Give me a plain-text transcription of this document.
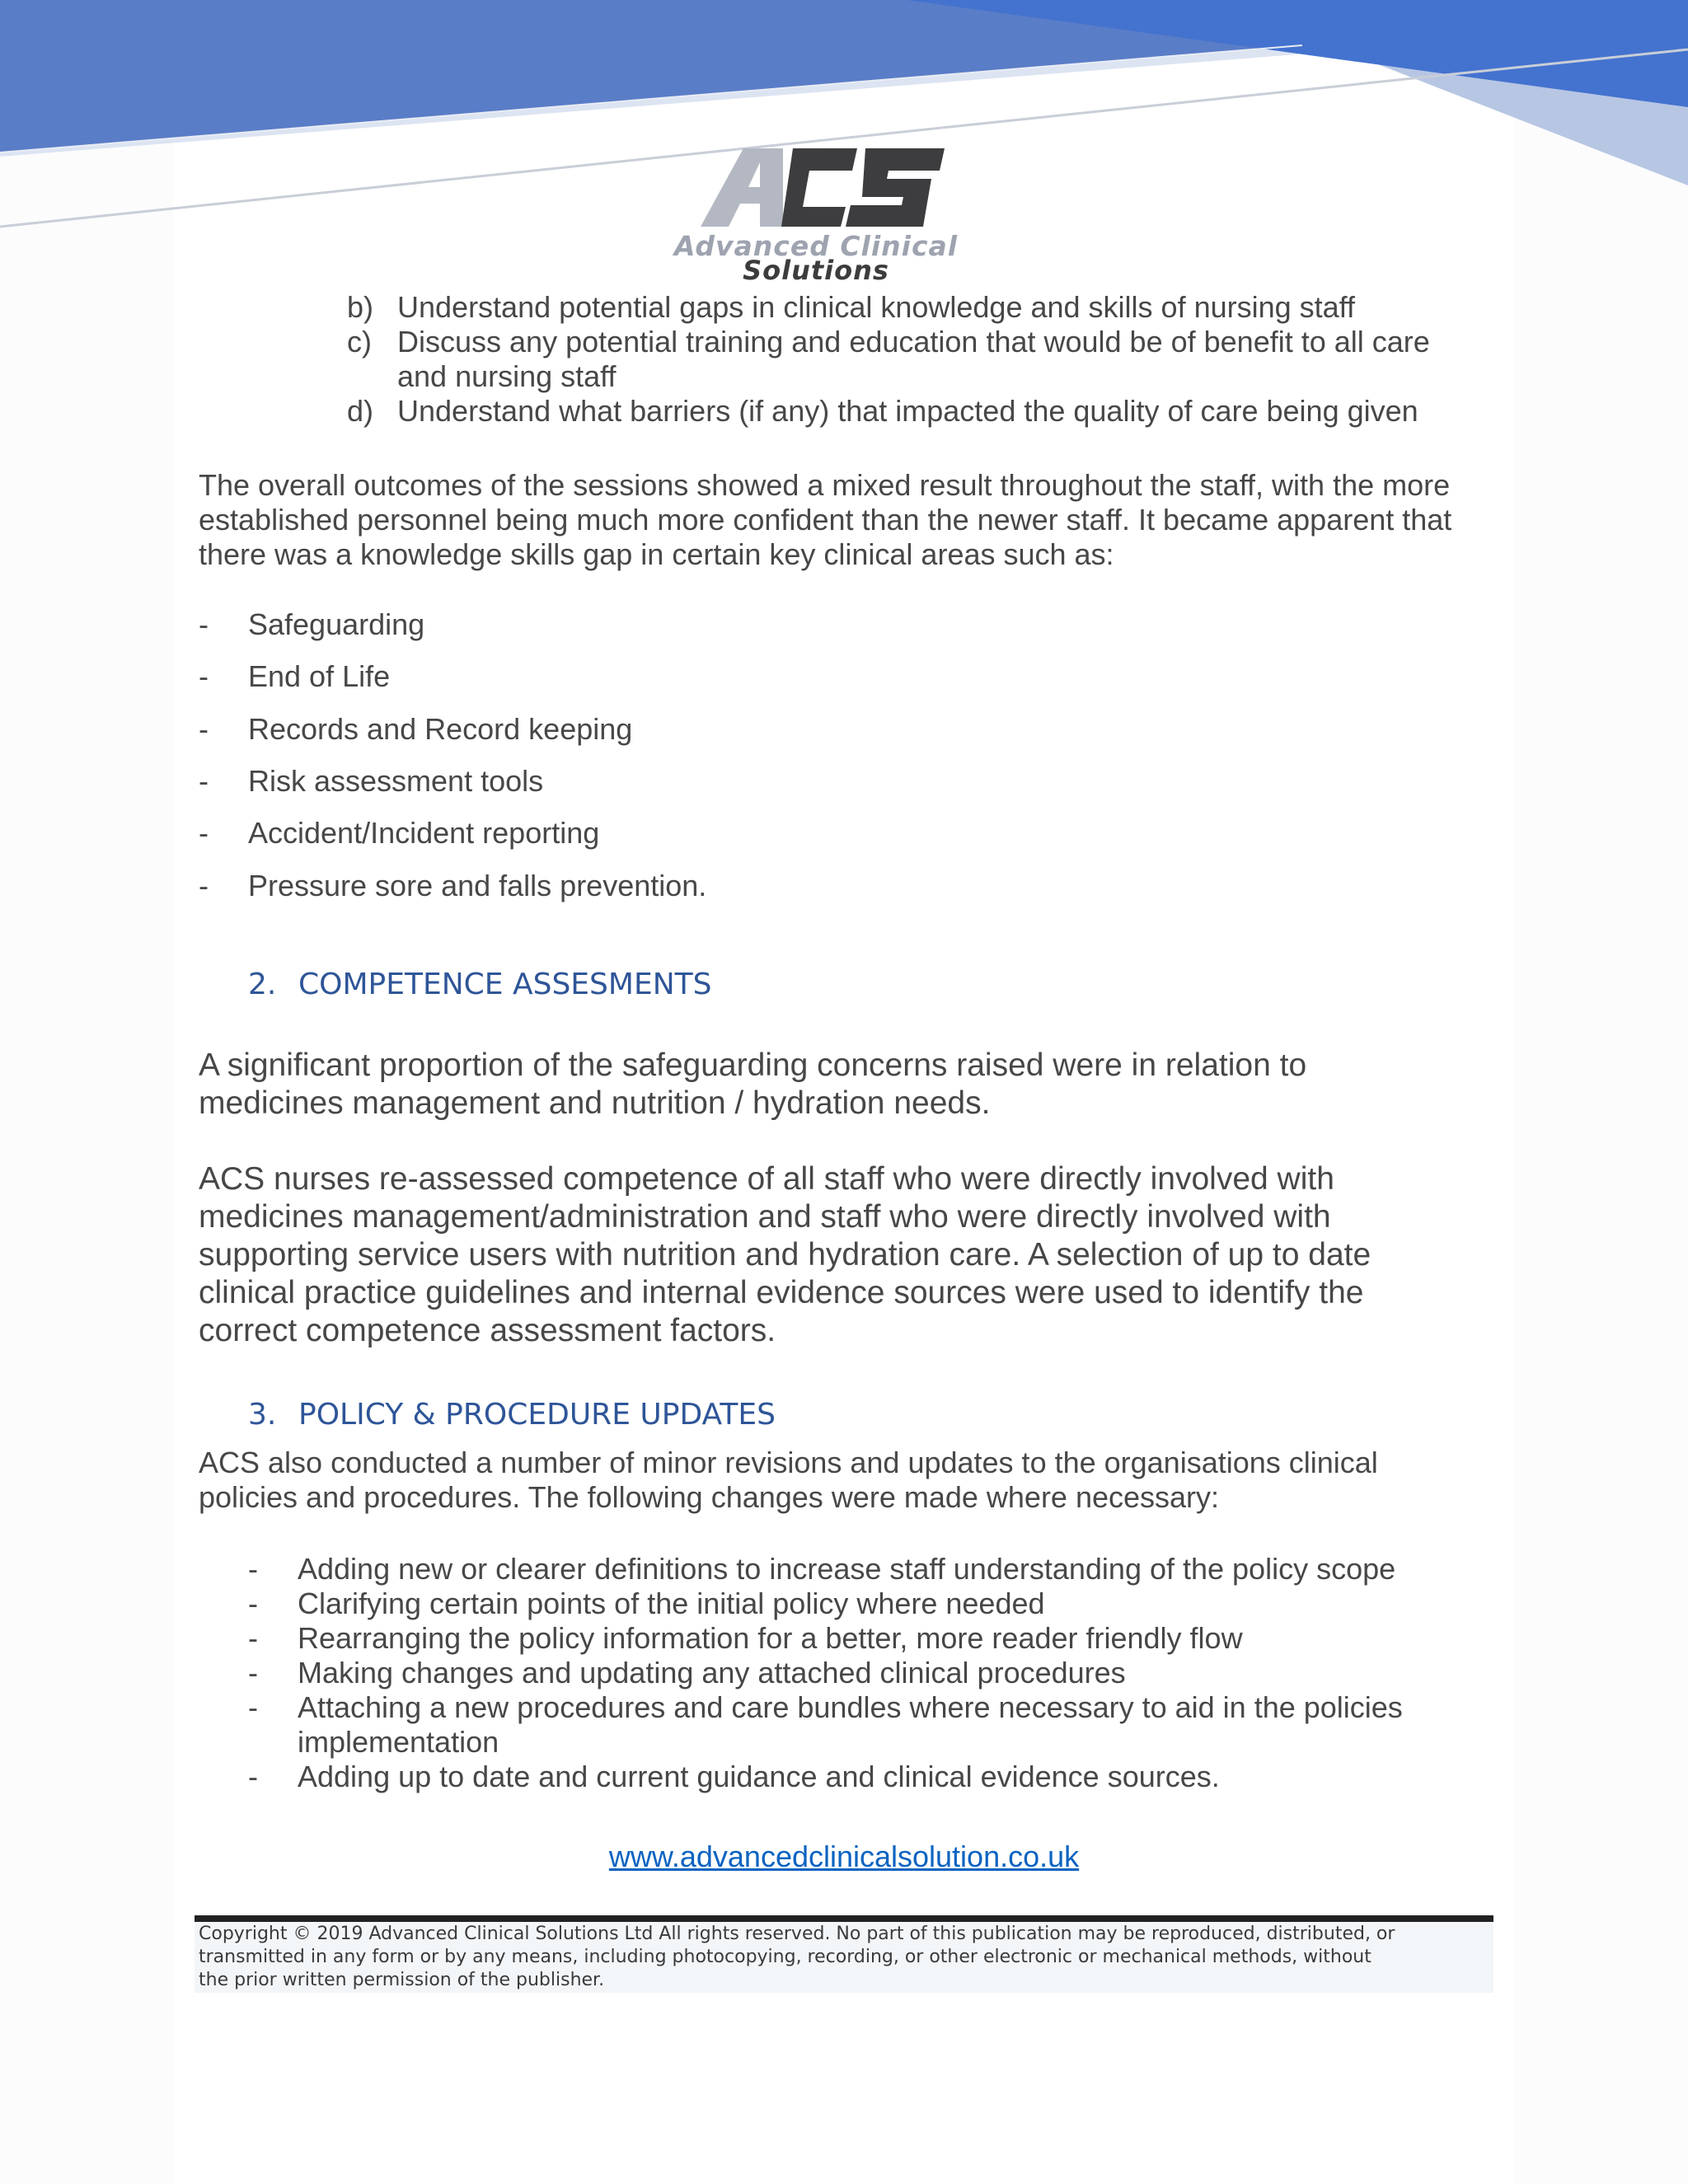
Advanced Clinical
Solutions
b) Understand potential gaps in clinical knowledge and skills of nursing staff
c) Discuss any potential training and education that would be of benefit to all care
and nursing staff
d) Understand what barriers (if any) that impacted the quality of care being given
The overall outcomes of the sessions showed a mixed result throughout the staff, with the more
established personnel being much more confident than the newer staff. It became apparent that
there was a knowledge skills gap in certain key clinical areas such as:
- Safeguarding
- End of Life
- Records and Record keeping
- Risk assessment tools
- Accident/Incident reporting
- Pressure sore and falls prevention.
2. COMPETENCE ASSESMENTS
A significant proportion of the safeguarding concerns raised were in relation to
medicines management and nutrition / hydration needs.
ACS nurses re-assessed competence of all staff who were directly involved with
medicines management/administration and staff who were directly involved with
supporting service users with nutrition and hydration care. A selection of up to date
clinical practice guidelines and internal evidence sources were used to identify the
correct competence assessment factors.
3. POLICY & PROCEDURE UPDATES
ACS also conducted a number of minor revisions and updates to the organisations clinical
policies and procedures. The following changes were made where necessary:
- Adding new or clearer definitions to increase staff understanding of the policy scope
- Clarifying certain points of the initial policy where needed
- Rearranging the policy information for a better, more reader friendly flow
- Making changes and updating any attached clinical procedures
- Attaching a new procedures and care bundles where necessary to aid in the policies
implementation
- Adding up to date and current guidance and clinical evidence sources.
www.advancedclinicalsolution.co.uk
Copyright © 2019 Advanced Clinical Solutions Ltd All rights reserved. No part of this publication may be reproduced, distributed, or
transmitted in any form or by any means, including photocopying, recording, or other electronic or mechanical methods, without
the prior written permission of the publisher.
